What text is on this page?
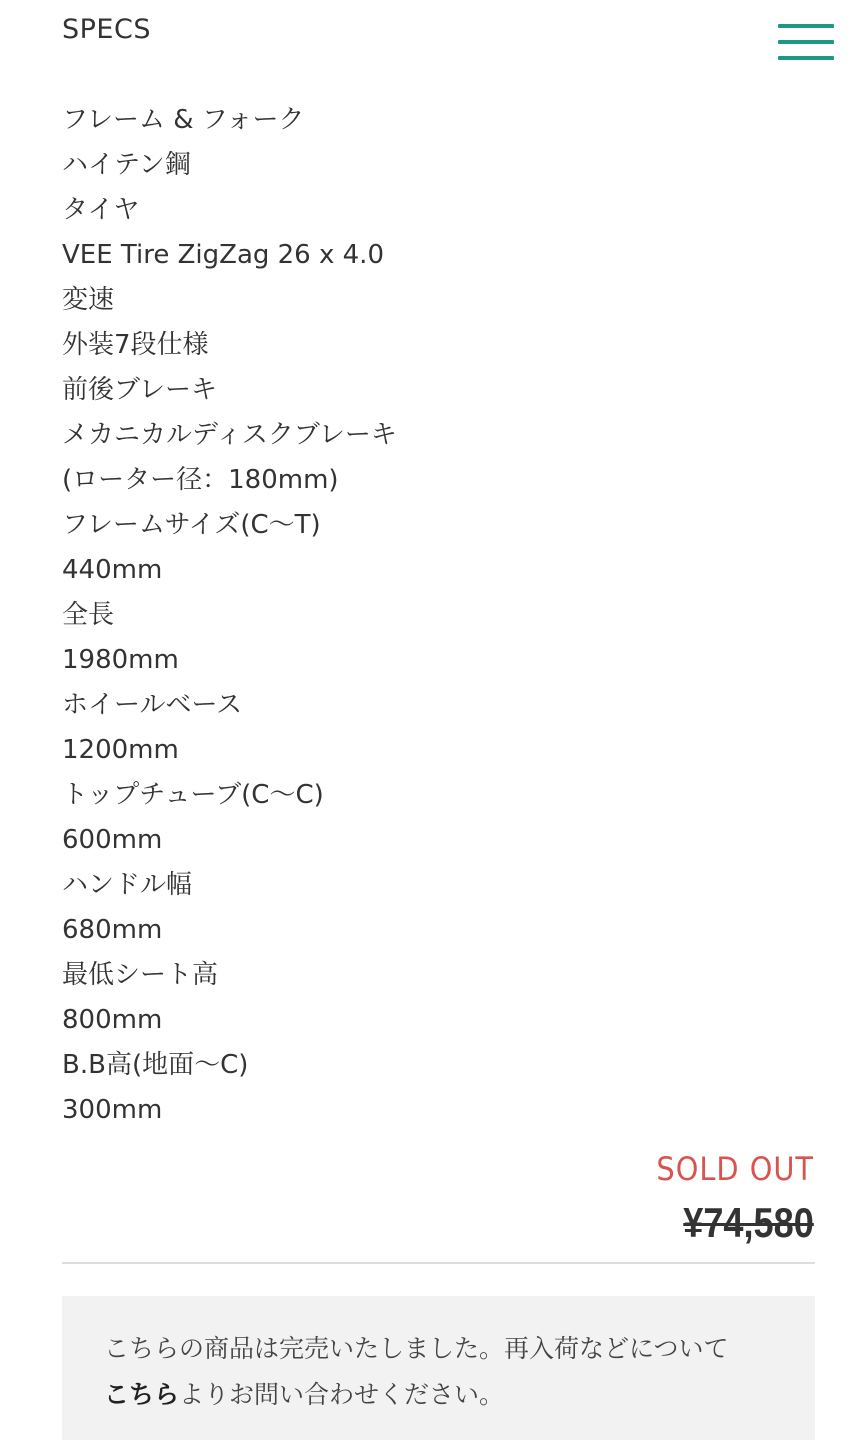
SPECS
フレーム & フォーク
ハイテン鋼
タイヤ
VEE Tire ZigZag 26 x 4.0
変速
外装7段仕様
前後ブレーキ
メカニカルディスクブレーキ
(ローター径：180mm)
フレームサイズ(C〜T)
440mm
全長
1980mm
ホイールベース
1200mm
トップチューブ(C〜C)
600mm
ハンドル幅
680mm
最低シート高
800mm
B.B高(地面〜C)
300mm
SOLD OUT
¥74,580

こちらの商品は完売いたしました。再入荷などについて

こちらよりお問い合わせください。
